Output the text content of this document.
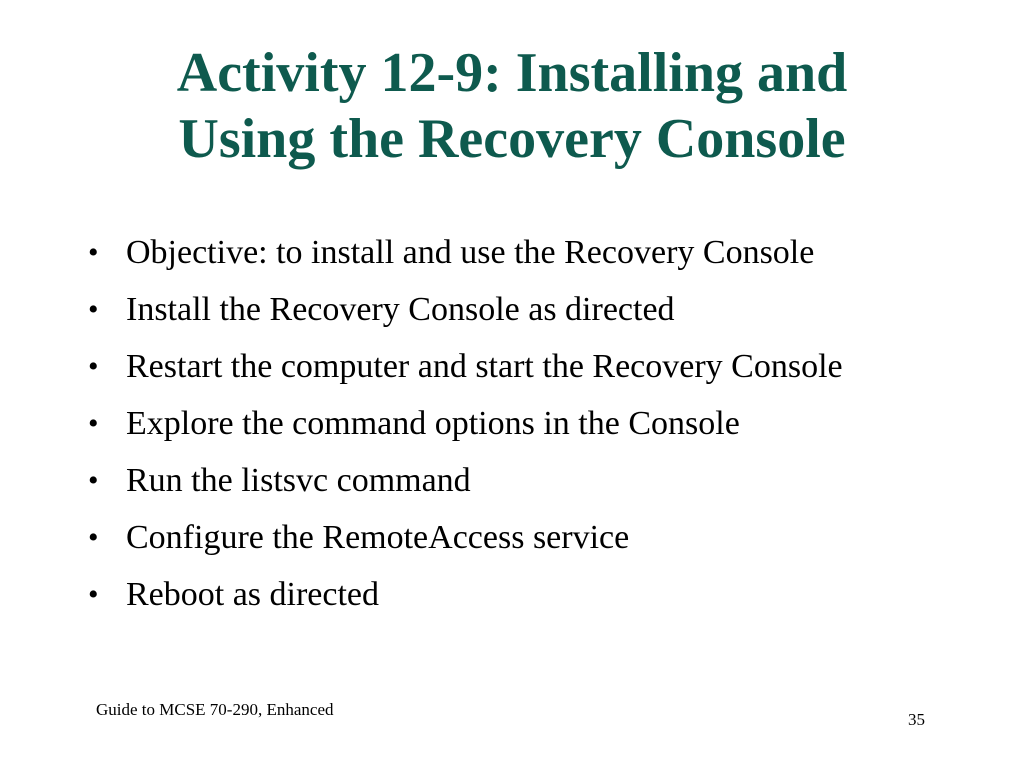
Activity 12-9: Installing and
Using the Recovery Console
• Objective: to install and use the Recovery Console
• Install the Recovery Console as directed
• Restart the computer and start the Recovery Console
• Explore the command options in the Console
• Run the listsvc command
• Configure the RemoteAccess service
• Reboot as directed
Guide to MCSE 70-290, Enhanced
35
